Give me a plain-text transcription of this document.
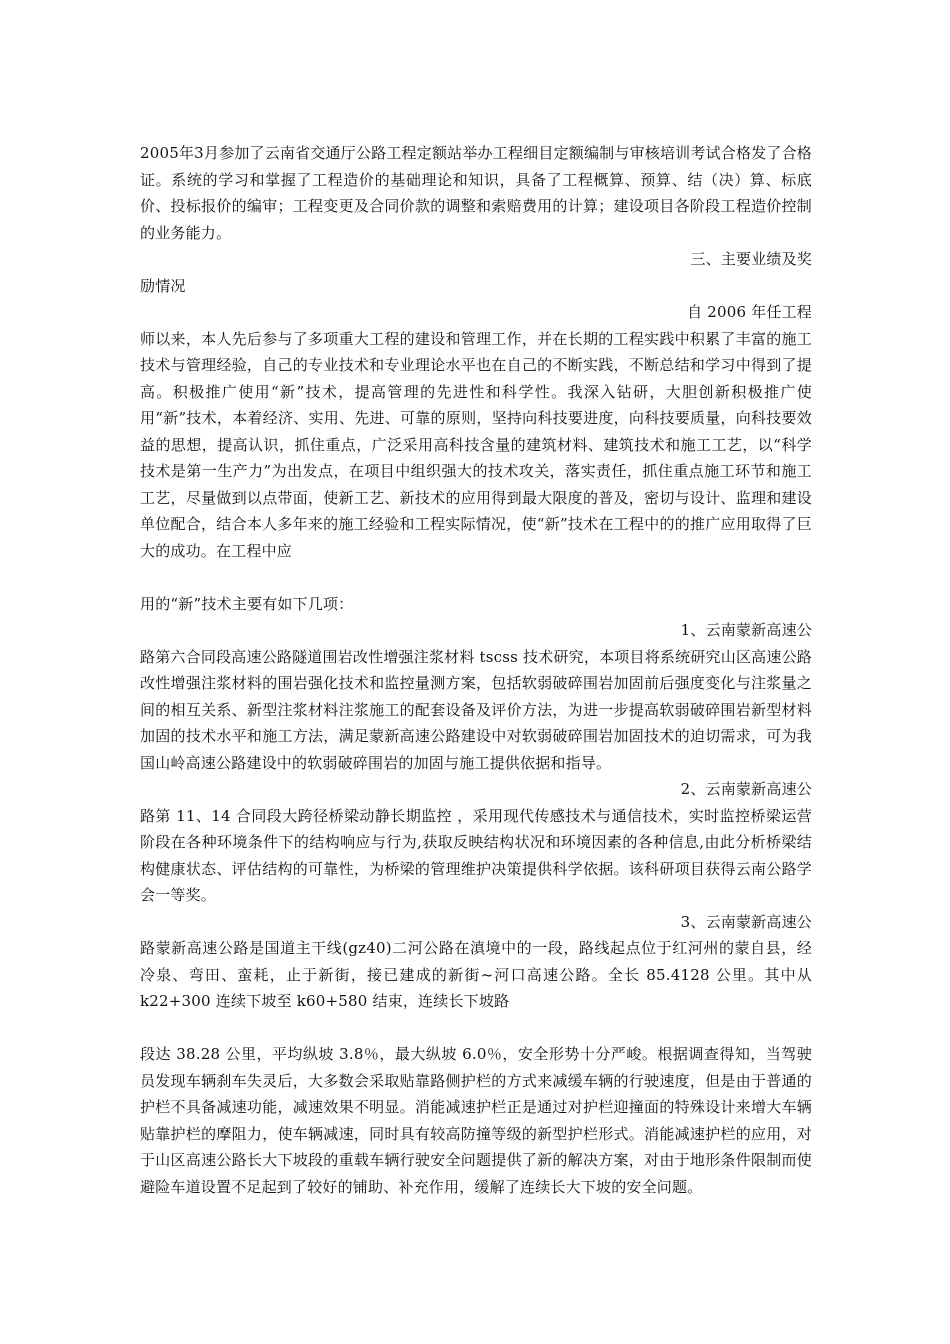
2005年3月参加了云南省交通厅公路工程定额站举办工程细目定额编制与审核培训考试合格发了合格证。系统的学习和掌握了工程造价的基础理论和知识，具备了工程概算、预算、结（决）算、标底价、投标报价的编审；工程变更及合同价款的调整和索赔费用的计算；建设项目各阶段工程造价控制的业务能力。

三、主要业绩及奖

励情况

自 2006 年任工程

师以来，本人先后参与了多项重大工程的建设和管理工作，并在长期的工程实践中积累了丰富的施工技术与管理经验，自己的专业技术和专业理论水平也在自己的不断实践，不断总结和学习中得到了提高。积极推广使用“新”技术，提高管理的先进性和科学性。我深入钻研，大胆创新积极推广使用“新”技术，本着经济、实用、先进、可靠的原则，坚持向科技要进度，向科技要质量，向科技要效益的思想，提高认识，抓住重点，广泛采用高科技含量的建筑材料、建筑技术和施工工艺，以“科学技术是第一生产力”为出发点，在项目中组织强大的技术攻关，落实责任，抓住重点施工环节和施工工艺，尽量做到以点带面，使新工艺、新技术的应用得到最大限度的普及，密切与设计、监理和建设单位配合，结合本人多年来的施工经验和工程实际情况，使“新”技术在工程中的的推广应用取得了巨大的成功。在工程中应

用的“新”技术主要有如下几项：

1、云南蒙新高速公

路第六合同段高速公路隧道围岩改性增强注浆材料 tscss 技术研究，本项目将系统研究山区高速公路改性增强注浆材料的围岩强化技术和监控量测方案，包括软弱破碎围岩加固前后强度变化与注浆量之间的相互关系、新型注浆材料注浆施工的配套设备及评价方法，为进一步提高软弱破碎围岩新型材料加固的技术水平和施工方法，满足蒙新高速公路建设中对软弱破碎围岩加固技术的迫切需求，可为我国山岭高速公路建设中的软弱破碎围岩的加固与施工提供依据和指导。

2、云南蒙新高速公

路第 11、14 合同段大跨径桥梁动静长期监控 ，采用现代传感技术与通信技术，实时监控桥梁运营阶段在各种环境条件下的结构响应与行为,获取反映结构状况和环境因素的各种信息,由此分析桥梁结构健康状态、评估结构的可靠性，为桥梁的管理维护决策提供科学依据。该科研项目获得云南公路学会一等奖。

3、云南蒙新高速公

路蒙新高速公路是国道主干线(gz40)二河公路在滇境中的一段，路线起点位于红河州的蒙自县，经冷泉、弯田、蛮耗，止于新街，接已建成的新街~河口高速公路。全长 85.4128 公里。其中从 k22+300 连续下坡至 k60+580 结束，连续长下坡路

段达 38.28 公里，平均纵坡 3.8％，最大纵坡 6.0％，安全形势十分严峻。根据调查得知，当驾驶员发现车辆刹车失灵后，大多数会采取贴靠路侧护栏的方式来减缓车辆的行驶速度，但是由于普通的护栏不具备减速功能，减速效果不明显。消能减速护栏正是通过对护栏迎撞面的特殊设计来增大车辆贴靠护栏的摩阻力，使车辆减速，同时具有较高防撞等级的新型护栏形式。消能减速护栏的应用，对于山区高速公路长大下坡段的重载车辆行驶安全问题提供了新的解决方案，对由于地形条件限制而使避险车道设置不足起到了较好的铺助、补充作用，缓解了连续长大下坡的安全问题。
